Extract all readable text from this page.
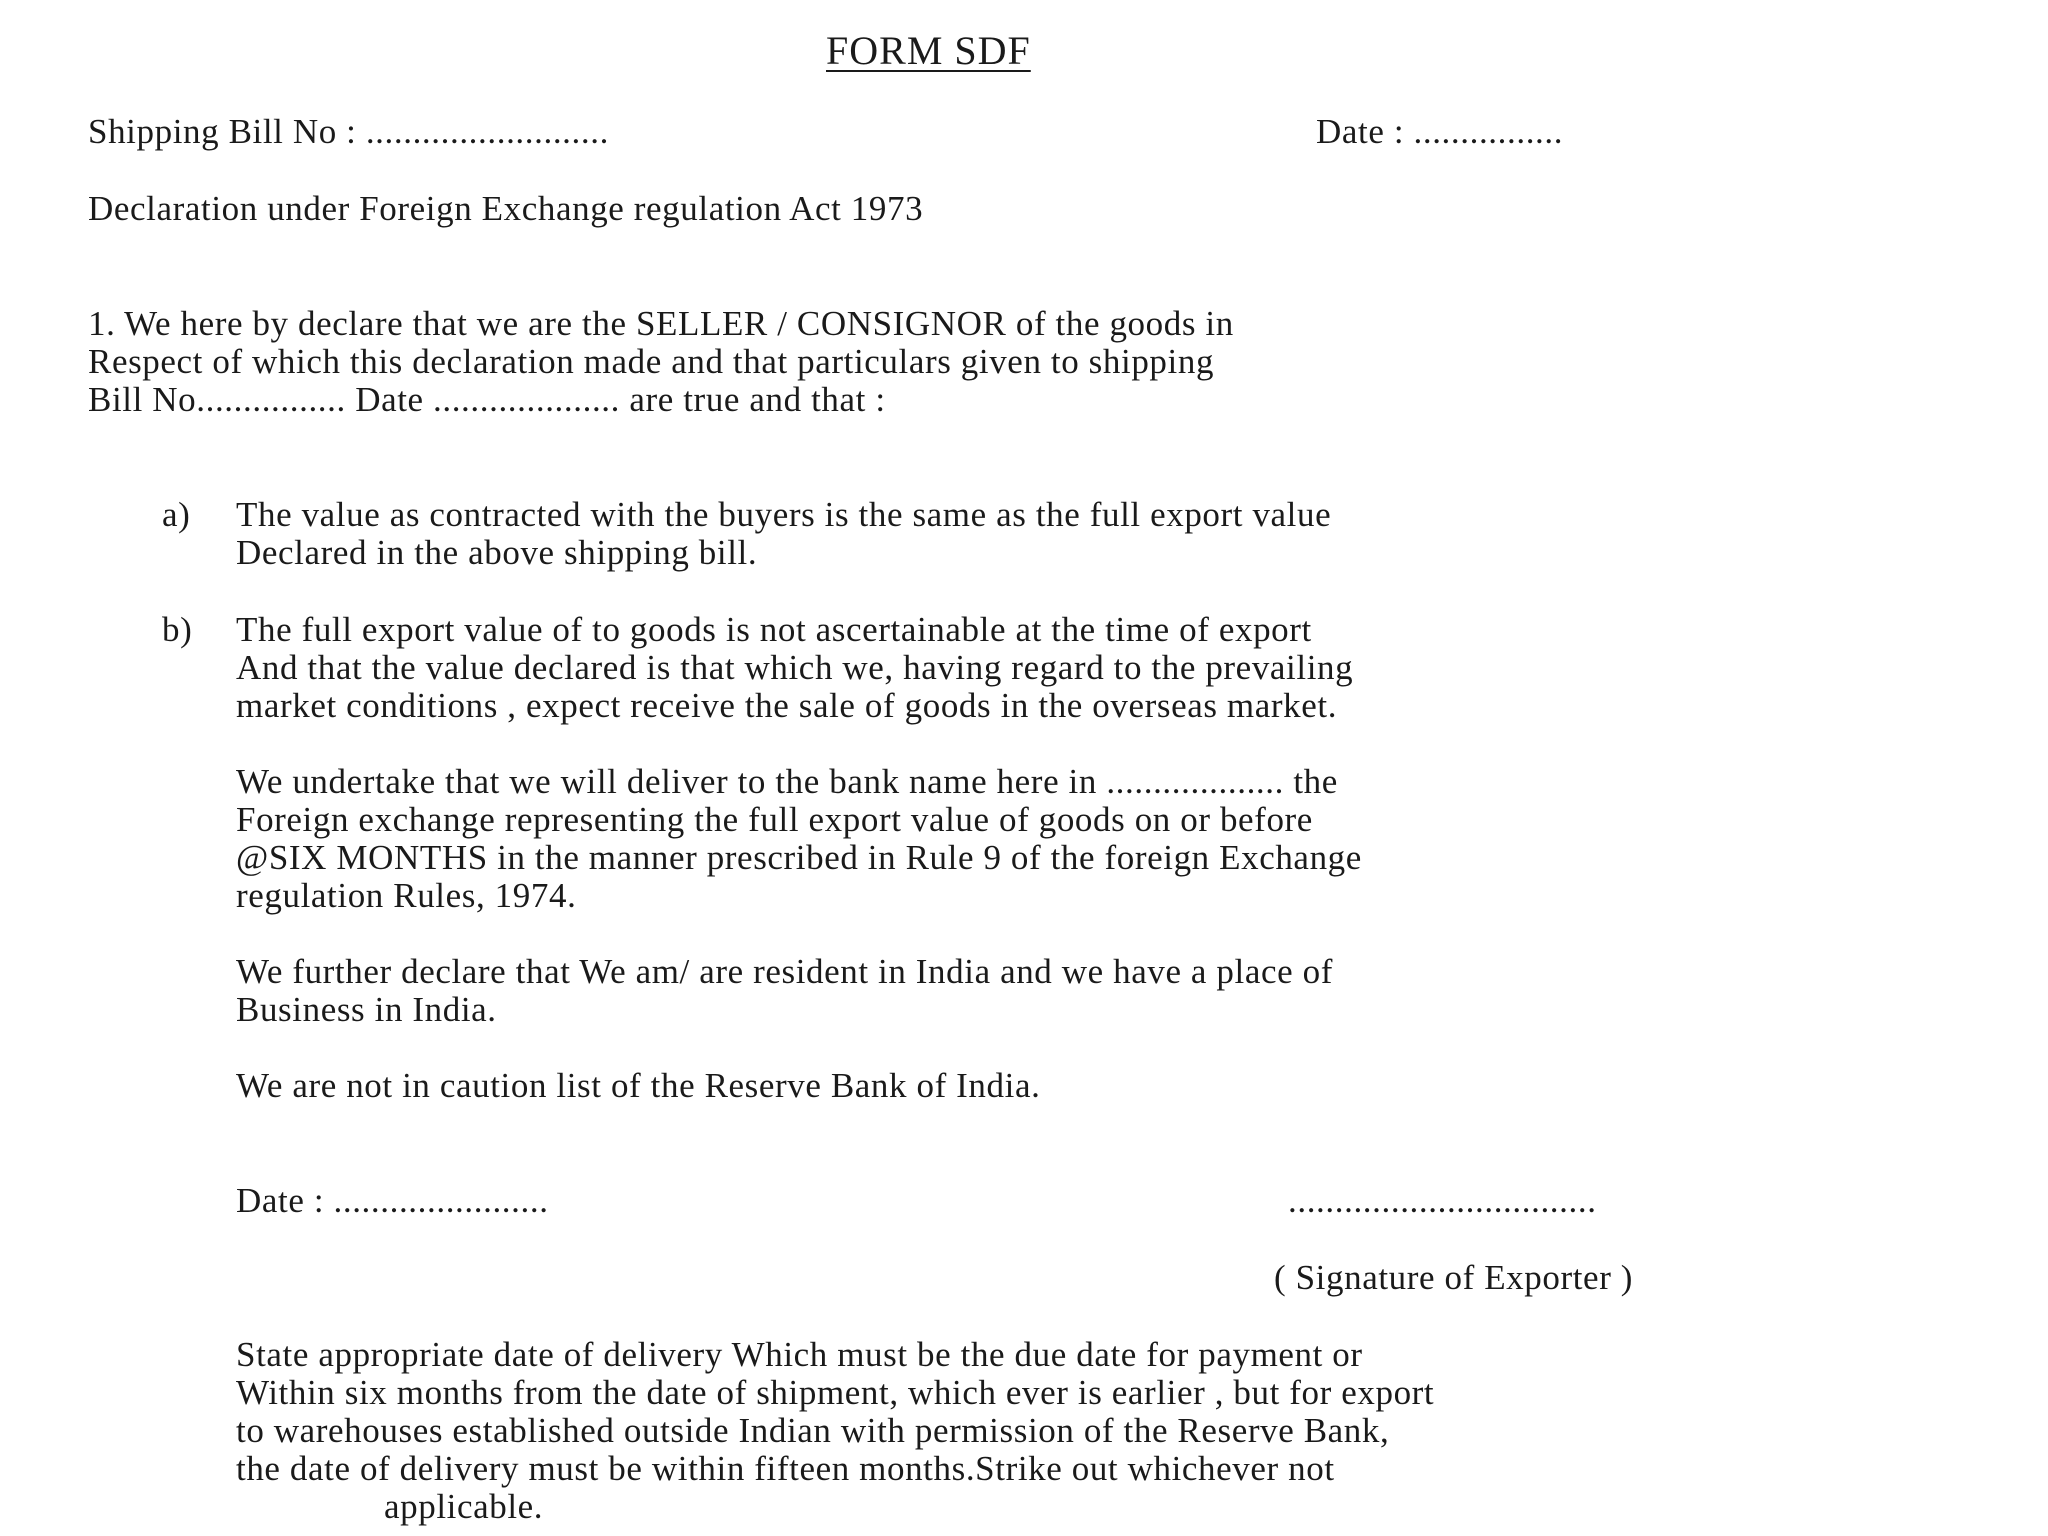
FORM SDF
Shipping Bill No : ..........................	Date : ................
Declaration under Foreign Exchange regulation Act 1973
1. We here by declare that we are the SELLER / CONSIGNOR of the goods in
Respect of which this declaration made and that particulars given to shipping
Bill No................ Date .................... are true and that :
a) The value as contracted with the buyers is the same as the full export value
Declared in the above shipping bill.
b) The full export value of to goods is not ascertainable at the time of export
And that the value declared is that which we, having regard to the prevailing
market conditions , expect receive the sale of goods in the overseas market.
We undertake that we will deliver to the bank name here in ................... the
Foreign exchange representing the full export value of goods on or before
@SIX MONTHS in the manner prescribed in Rule 9 of the foreign Exchange
regulation Rules, 1974.
We further declare that We am/ are resident in India and we have a place of
Business in India.
We are not in caution list of the Reserve Bank of India.
Date : .......................	.................................
( Signature of Exporter )
State appropriate date of delivery Which must be the due date for payment or
Within six months from the date of shipment, which ever is earlier , but for export
to warehouses established outside Indian with permission of the Reserve Bank,
the date of delivery must be within fifteen months.Strike out whichever not
applicable.
